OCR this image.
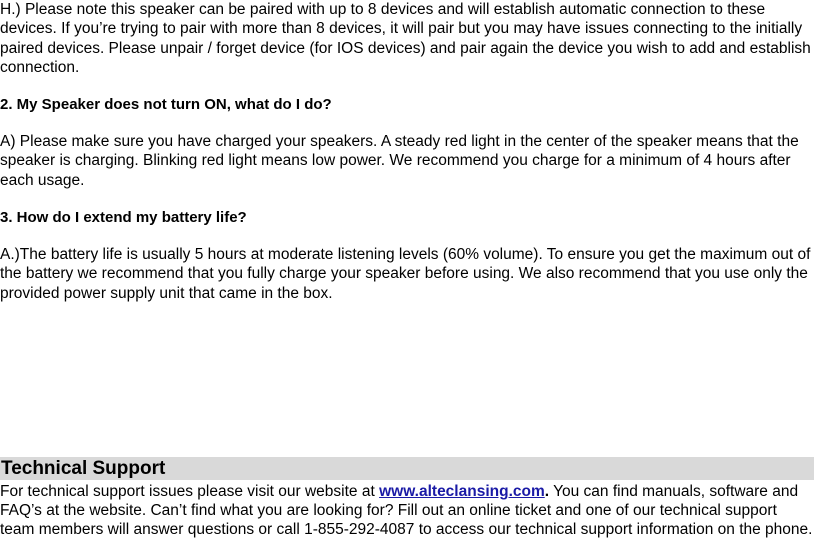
H.) Please note this speaker can be paired with up to 8 devices and will establish automatic connection to these devices. If you’re trying to pair with more than 8 devices, it will pair but you may have issues connecting to the initially paired devices. Please unpair / forget device (for IOS devices) and pair again the device you wish to add and establish connection.

2. My Speaker does not turn ON, what do I do?

A) Please make sure you have charged your speakers. A steady red light in the center of the speaker means that the speaker is charging. Blinking red light means low power. We recommend you charge for a minimum of 4 hours after each usage.

3. How do I extend my battery life?

A.)The battery life is usually 5 hours at moderate listening levels (60% volume). To ensure you get the maximum out of the battery we recommend that you fully charge your speaker before using. We also recommend that you use only the provided power supply unit that came in the box.

Technical Support

For technical support issues please visit our website at www.alteclansing.com. You can find manuals, software and FAQ’s at the website. Can’t find what you are looking for? Fill out an online ticket and one of our technical support team members will answer questions or call 1-855-292-4087 to access our technical support information on the phone.
